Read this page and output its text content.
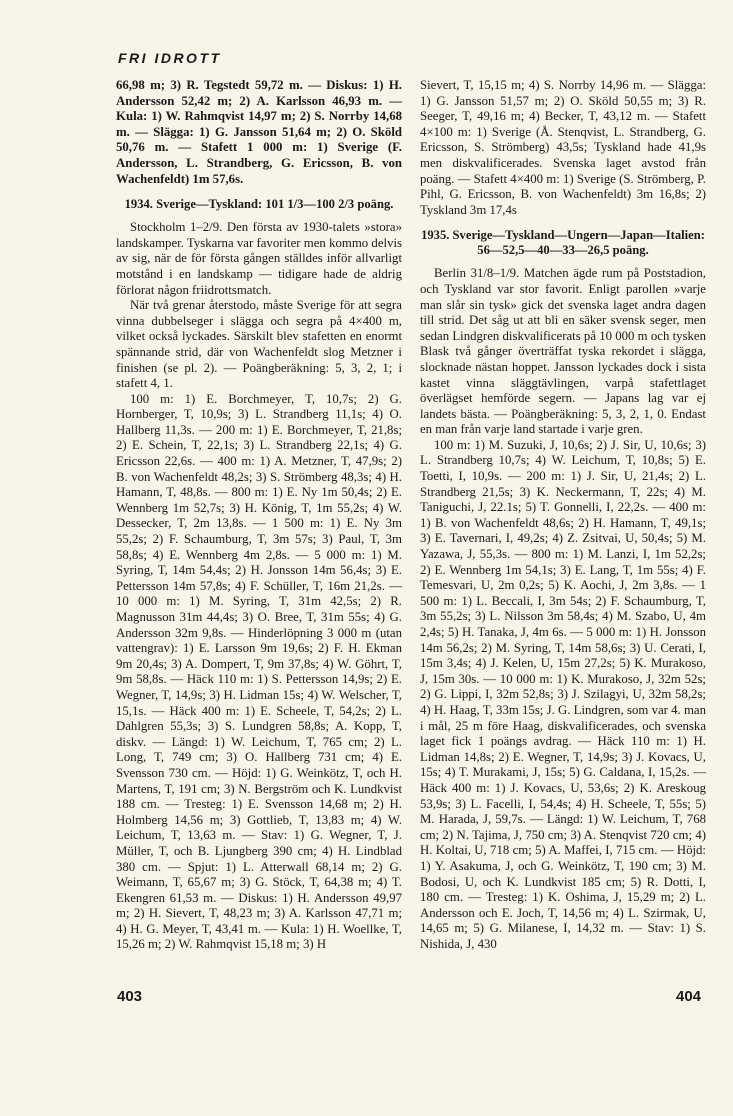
FRI IDROTT

66,98 m; 3) R. Tegstedt 59,72 m. — Diskus: 1) H. Andersson 52,42 m; 2) A. Karlsson 46,93 m. — Kula: 1) W. Rahmqvist 14,97 m; 2) S. Norrby 14,68 m. — Slägga: 1) G. Jansson 51,64 m; 2) O. Sköld 50,76 m. — Stafett 1 000 m: 1) Sverige (F. Andersson, L. Strandberg, G. Ericsson, B. von Wachenfeldt) 1m 57,6s.

1934. Sverige—Tyskland: 101 1/3—100 2/3 poäng.

Stockholm 1–2/9. Den första av 1930-talets »stora» landskamper. Tyskarna var favoriter men kommo delvis av sig, när de för första gången ställdes inför allvarligt motstånd i en landskamp — tidigare hade de aldrig förlorat någon friidrottsmatch.

När två grenar återstodo, måste Sverige för att segra vinna dubbelseger i slägga och segra på 4×400 m, vilket också lyckades. Särskilt blev stafetten en enormt spännande strid, där von Wachenfeldt slog Metzner i finishen (se pl. 2). — Poängberäkning: 5, 3, 2, 1; i stafett 4, 1.

100 m: 1) E. Borchmeyer, T, 10,7s; 2) G. Hornberger, T, 10,9s; 3) L. Strandberg 11,1s; 4) O. Hallberg 11,3s. — 200 m: 1) E. Borchmeyer, T, 21,8s; 2) E. Schein, T, 22,1s; 3) L. Strandberg 22,1s; 4) G. Ericsson 22,6s. — 400 m: 1) A. Metzner, T, 47,9s; 2) B. von Wachenfeldt 48,2s; 3) S. Strömberg 48,3s; 4) H. Hamann, T, 48,8s. — 800 m: 1) E. Ny 1m 50,4s; 2) E. Wennberg 1m 52,7s; 3) H. König, T, 1m 55,2s; 4) W. Dessecker, T, 2m 13,8s. — 1 500 m: 1) E. Ny 3m 55,2s; 2) F. Schaumburg, T, 3m 57s; 3) Paul, T, 3m 58,8s; 4) E. Wennberg 4m 2,8s. — 5 000 m: 1) M. Syring, T, 14m 54,4s; 2) H. Jonsson 14m 56,4s; 3) E. Pettersson 14m 57,8s; 4) F. Schüller, T, 16m 21,2s. — 10 000 m: 1) M. Syring, T, 31m 42,5s; 2) R. Magnusson 31m 44,4s; 3) O. Bree, T, 31m 55s; 4) G. Andersson 32m 9,8s. — Hinderlöpning 3 000 m (utan vattengrav): 1) E. Larsson 9m 19,6s; 2) F. H. Ekman 9m 20,4s; 3) A. Dompert, T, 9m 37,8s; 4) W. Göhrt, T, 9m 58,8s. — Häck 110 m: 1) S. Pettersson 14,9s; 2) E. Wegner, T, 14,9s; 3) H. Lidman 15s; 4) W. Welscher, T, 15,1s. — Häck 400 m: 1) E. Scheele, T, 54,2s; 2) L. Dahlgren 55,3s; 3) S. Lundgren 58,8s; A. Kopp, T, diskv. — Längd: 1) W. Leichum, T, 765 cm; 2) L. Long, T, 749 cm; 3) O. Hallberg 731 cm; 4) E. Svensson 730 cm. — Höjd: 1) G. Weinkötz, T, och H. Martens, T, 191 cm; 3) N. Bergström och K. Lundkvist 188 cm. — Tresteg: 1) E. Svensson 14,68 m; 2) H. Holmberg 14,56 m; 3) Gottlieb, T, 13,83 m; 4) W. Leichum, T, 13,63 m. — Stav: 1) G. Wegner, T, J. Müller, T, och B. Ljungberg 390 cm; 4) H. Lindblad 380 cm. — Spjut: 1) L. Atterwall 68,14 m; 2) G. Weimann, T, 65,67 m; 3) G. Stöck, T, 64,38 m; 4) T. Ekengren 61,53 m. — Diskus: 1) H. Andersson 49,97 m; 2) H. Sievert, T, 48,23 m; 3) A. Karlsson 47,71 m; 4) H. G. Meyer, T, 43,41 m. — Kula: 1) H. Woellke, T, 15,26 m; 2) W. Rahmqvist 15,18 m; 3) H

Sievert, T, 15,15 m; 4) S. Norrby 14,96 m. — Slägga: 1) G. Jansson 51,57 m; 2) O. Sköld 50,55 m; 3) R. Seeger, T, 49,16 m; 4) Becker, T, 43,12 m. — Stafett 4×100 m: 1) Sverige (Å. Stenqvist, L. Strandberg, G. Ericsson, S. Strömberg) 43,5s; Tyskland hade 41,9s men diskvalificerades. Svenska laget avstod från poäng. — Stafett 4×400 m: 1) Sverige (S. Strömberg, P. Pihl, G. Ericsson, B. von Wachenfeldt) 3m 16,8s; 2) Tyskland 3m 17,4s

1935. Sverige—Tyskland—Ungern—Japan—Italien: 56—52,5—40—33—26,5 poäng.

Berlin 31/8–1/9. Matchen ägde rum på Poststadion, och Tyskland var stor favorit. Enligt parollen »varje man slår sin tysk» gick det svenska laget andra dagen till strid. Det såg ut att bli en säker svensk seger, men sedan Lindgren diskvalificerats på 10 000 m och tysken Blask två gånger överträffat tyska rekordet i slägga, slocknade nästan hoppet. Jansson lyckades dock i sista kastet vinna släggtävlingen, varpå stafettlaget överlägset hemförde segern. — Japans lag var ej landets bästa. — Poängberäkning: 5, 3, 2, 1, 0. Endast en man från varje land startade i varje gren.

100 m: 1) M. Suzuki, J, 10,6s; 2) J. Sir, U, 10,6s; 3) L. Strandberg 10,7s; 4) W. Leichum, T, 10,8s; 5) E. Toetti, I, 10,9s. — 200 m: 1) J. Sir, U, 21,4s; 2) L. Strandberg 21,5s; 3) K. Neckermann, T, 22s; 4) M. Taniguchi, J, 22.1s; 5) T. Gonnelli, I, 22,2s. — 400 m: 1) B. von Wachenfeldt 48,6s; 2) H. Hamann, T, 49,1s; 3) E. Tavernari, I, 49,2s; 4) Z. Zsitvai, U, 50,4s; 5) M. Yazawa, J, 55,3s. — 800 m: 1) M. Lanzi, I, 1m 52,2s; 2) E. Wennberg 1m 54,1s; 3) E. Lang, T, 1m 55s; 4) F. Temesvari, U, 2m 0,2s; 5) K. Aochi, J, 2m 3,8s. — 1 500 m: 1) L. Beccali, I, 3m 54s; 2) F. Schaumburg, T, 3m 55,2s; 3) L. Nilsson 3m 58,4s; 4) M. Szabo, U, 4m 2,4s; 5) H. Tanaka, J, 4m 6s. — 5 000 m: 1) H. Jonsson 14m 56,2s; 2) M. Syring, T, 14m 58,6s; 3) U. Cerati, I, 15m 3,4s; 4) J. Kelen, U, 15m 27,2s; 5) K. Murakoso, J, 15m 30s. — 10 000 m: 1) K. Murakoso, J, 32m 52s; 2) G. Lippi, I, 32m 52,8s; 3) J. Szilagyi, U, 32m 58,2s; 4) H. Haag, T, 33m 15s; J. G. Lindgren, som var 4. man i mål, 25 m före Haag, diskvalificerades, och svenska laget fick 1 poängs avdrag. — Häck 110 m: 1) H. Lidman 14,8s; 2) E. Wegner, T, 14,9s; 3) J. Kovacs, U, 15s; 4) T. Murakami, J, 15s; 5) G. Caldana, I, 15,2s. — Häck 400 m: 1) J. Kovacs, U, 53,6s; 2) K. Areskoug 53,9s; 3) L. Facelli, I, 54,4s; 4) H. Scheele, T, 55s; 5) M. Harada, J, 59,7s. — Längd: 1) W. Leichum, T, 768 cm; 2) N. Tajima, J, 750 cm; 3) A. Stenqvist 720 cm; 4) H. Koltai, U, 718 cm; 5) A. Maffei, I, 715 cm. — Höjd: 1) Y. Asakuma, J, och G. Weinkötz, T, 190 cm; 3) M. Bodosi, U, och K. Lundkvist 185 cm; 5) R. Dotti, I, 180 cm. — Tresteg: 1) K. Oshima, J, 15,29 m; 2) L. Andersson och E. Joch, T, 14,56 m; 4) L. Szirmak, U, 14,65 m; 5) G. Milanese, I, 14,32 m. — Stav: 1) S. Nishida, J, 430

403	404
